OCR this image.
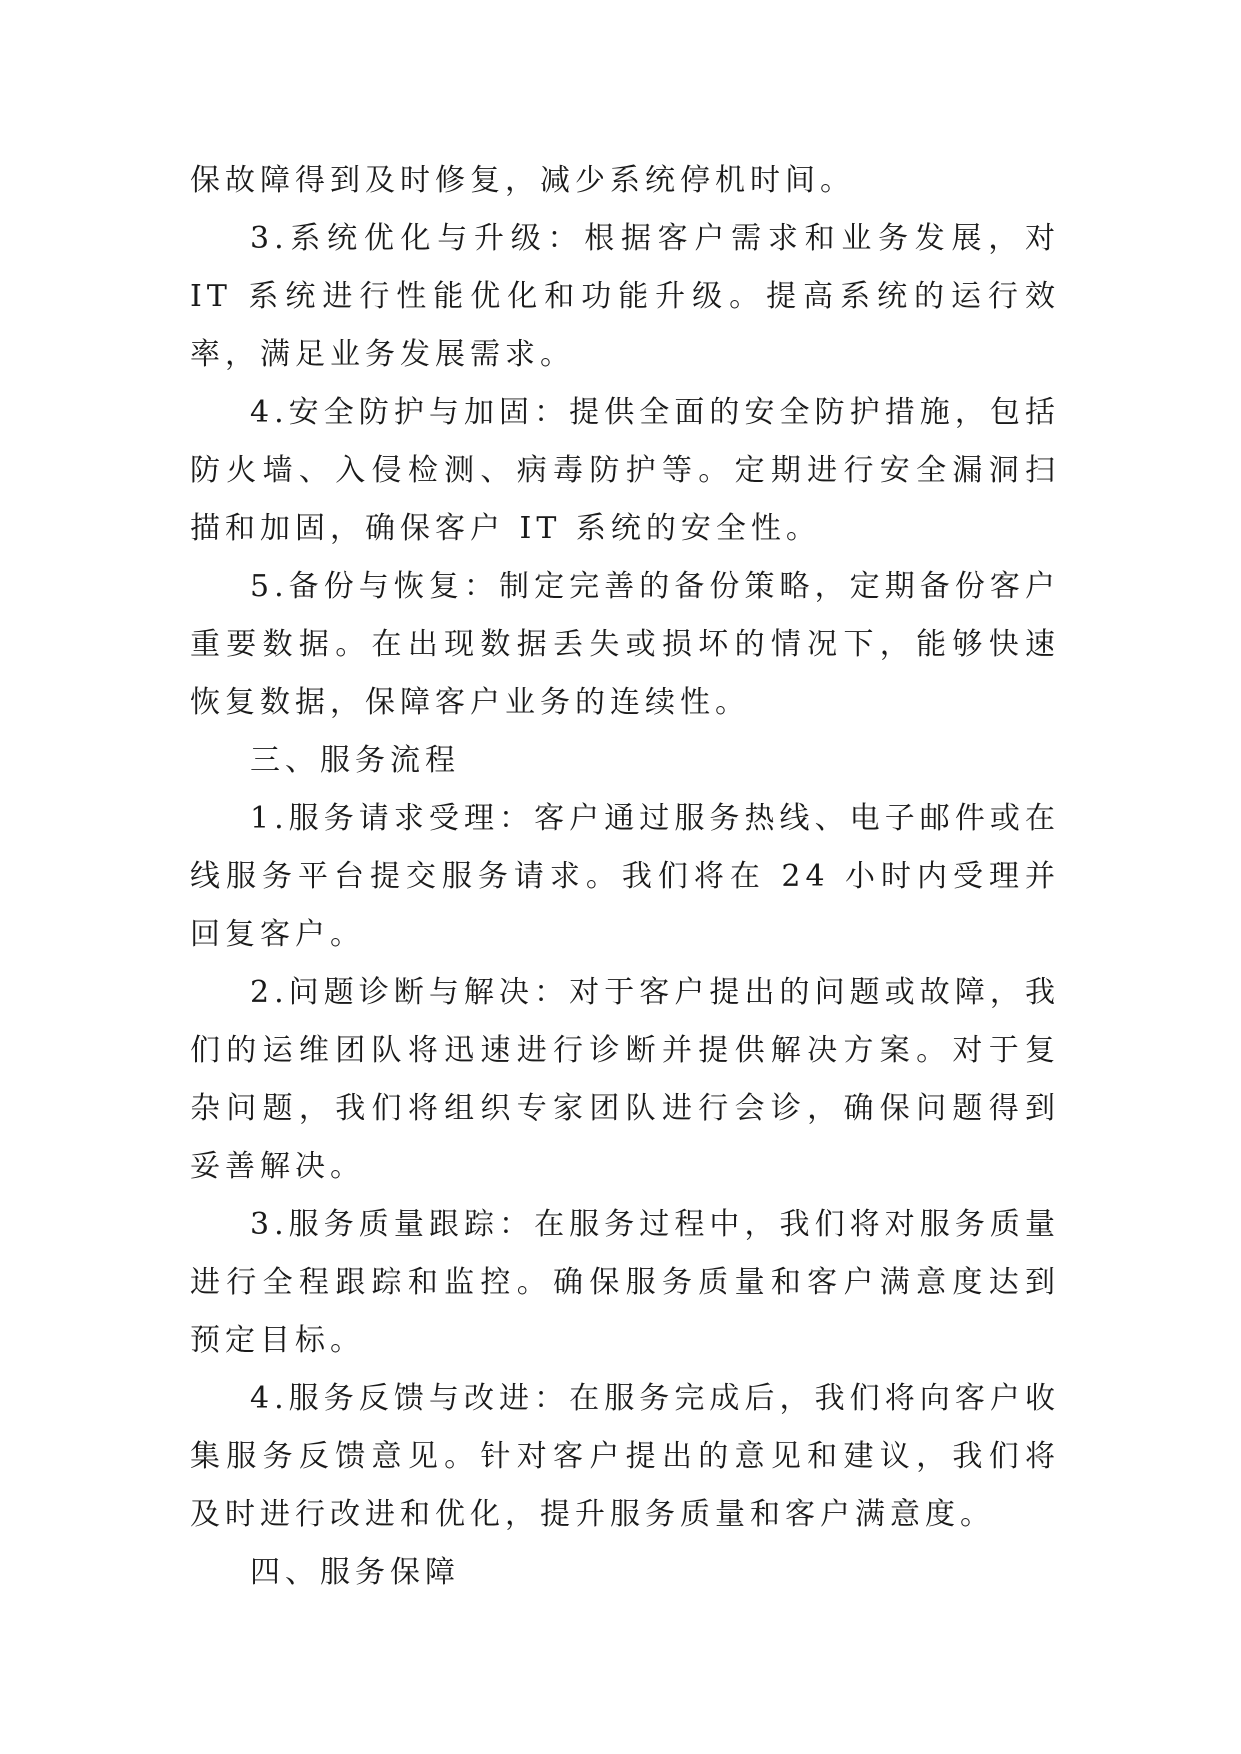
保故障得到及时修复，减少系统停机时间。

3.系统优化与升级：根据客户需求和业务发展，对 IT 系统进行性能优化和功能升级。提高系统的运行效率，满足业务发展需求。

4.安全防护与加固：提供全面的安全防护措施，包括防火墙、入侵检测、病毒防护等。定期进行安全漏洞扫描和加固，确保客户 IT 系统的安全性。

5.备份与恢复：制定完善的备份策略，定期备份客户重要数据。在出现数据丢失或损坏的情况下，能够快速恢复数据，保障客户业务的连续性。

三、服务流程

1.服务请求受理：客户通过服务热线、电子邮件或在线服务平台提交服务请求。我们将在 24 小时内受理并回复客户。

2.问题诊断与解决：对于客户提出的问题或故障，我们的运维团队将迅速进行诊断并提供解决方案。对于复杂问题，我们将组织专家团队进行会诊，确保问题得到妥善解决。

3.服务质量跟踪：在服务过程中，我们将对服务质量进行全程跟踪和监控。确保服务质量和客户满意度达到预定目标。

4.服务反馈与改进：在服务完成后，我们将向客户收集服务反馈意见。针对客户提出的意见和建议，我们将及时进行改进和优化，提升服务质量和客户满意度。

四、服务保障
